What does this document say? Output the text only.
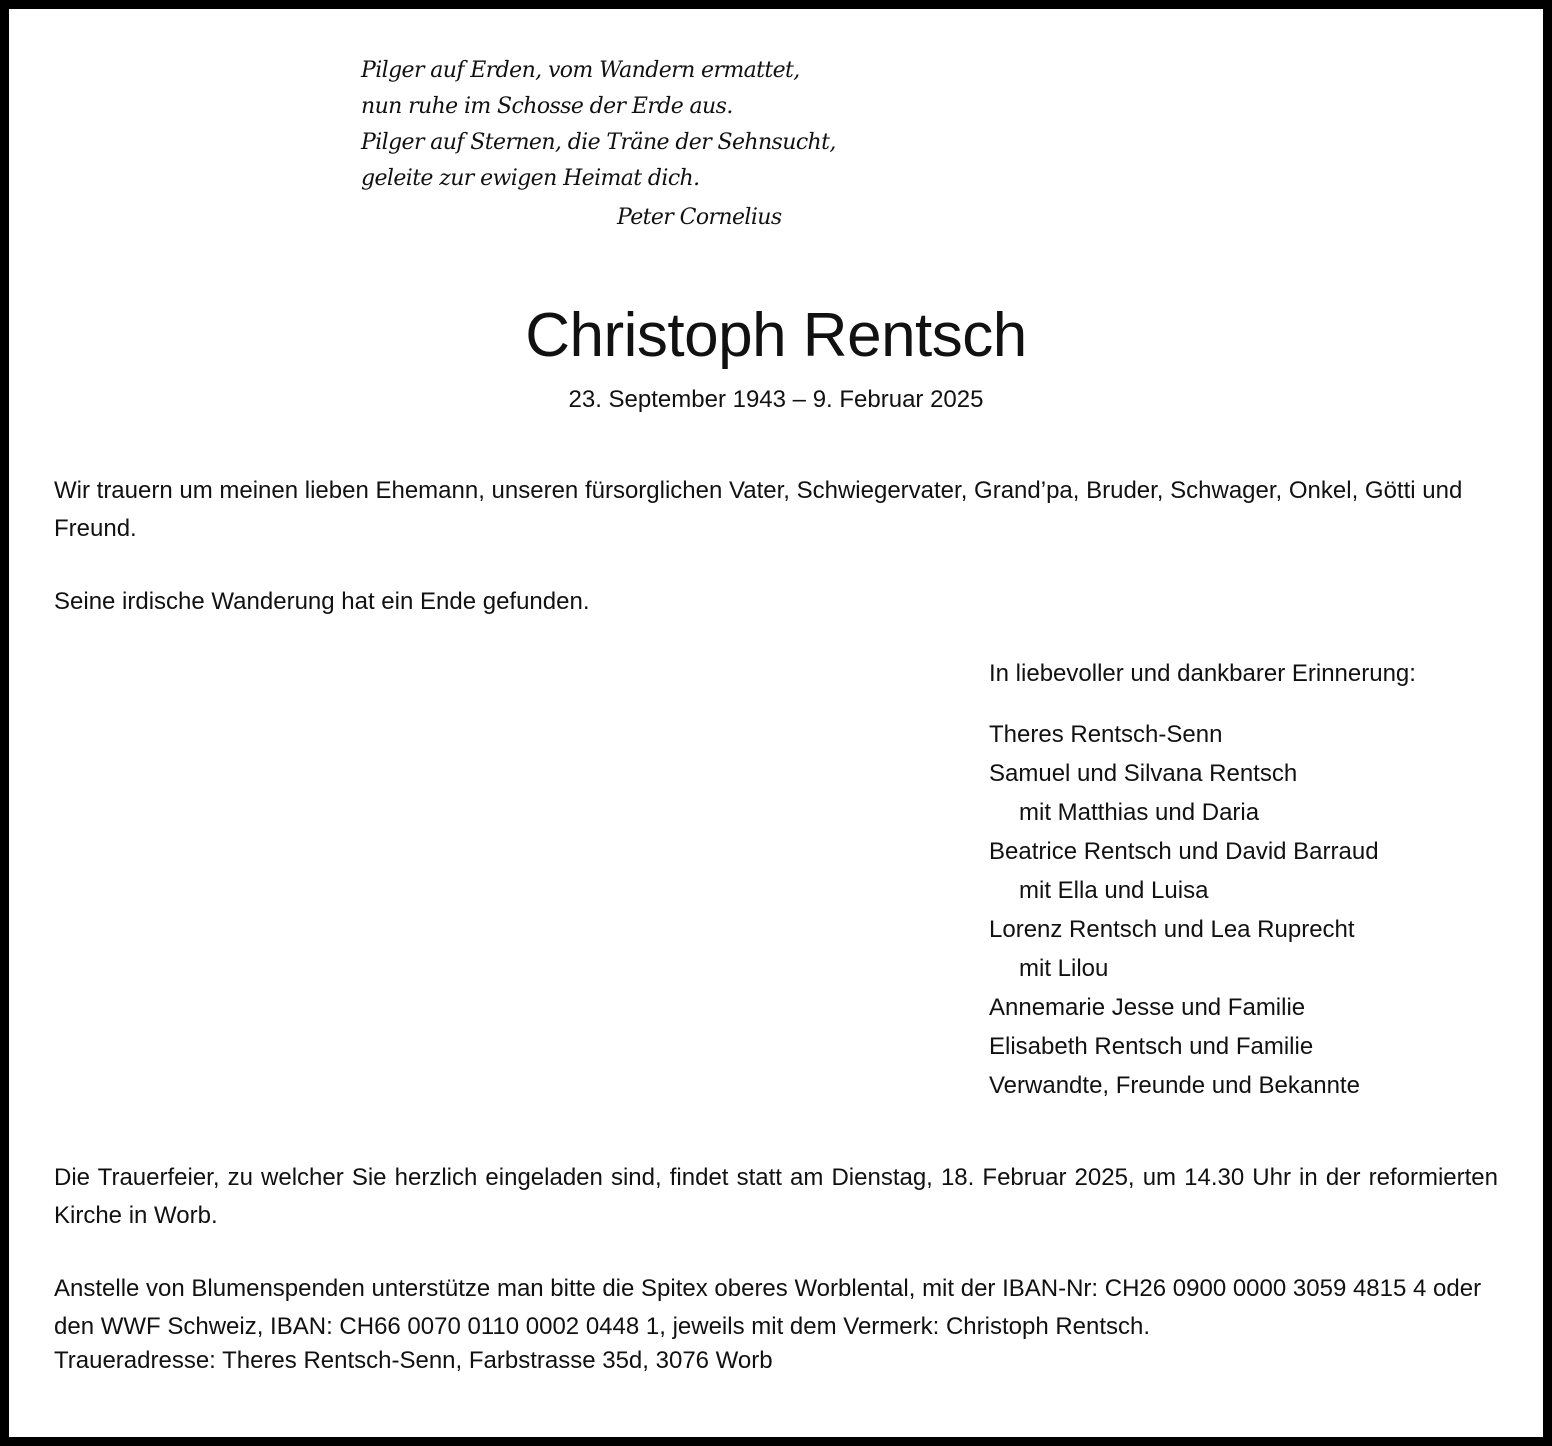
Pilger auf Erden, vom Wandern ermattet,
nun ruhe im Schosse der Erde aus.
Pilger auf Sternen, die Träne der Sehnsucht,
geleite zur ewigen Heimat dich.
Peter Cornelius
Christoph Rentsch
23. September 1943 – 9. Februar 2025
Wir trauern um meinen lieben Ehemann, unseren fürsorglichen Vater, Schwiegervater, Grand’pa, Bruder, Schwager, Onkel, Götti und Freund.
Seine irdische Wanderung hat ein Ende gefunden.
In liebevoller und dankbarer Erinnerung:
Theres Rentsch-Senn
Samuel und Silvana Rentsch
mit Matthias und Daria
Beatrice Rentsch und David Barraud
mit Ella und Luisa
Lorenz Rentsch und Lea Ruprecht
mit Lilou
Annemarie Jesse und Familie
Elisabeth Rentsch und Familie
Verwandte, Freunde und Bekannte
Die Trauerfeier, zu welcher Sie herzlich eingeladen sind, findet statt am Dienstag, 18. Februar 2025, um 14.30 Uhr in der reformierten Kirche in Worb.
Anstelle von Blumenspenden unterstütze man bitte die Spitex oberes Worblental, mit der IBAN-Nr: CH26 0900 0000 3059 4815 4 oder den WWF Schweiz, IBAN: CH66 0070 0110 0002 0448 1, jeweils mit dem Vermerk: Christoph Rentsch.
Traueradresse: Theres Rentsch-Senn, Farbstrasse 35d, 3076 Worb
